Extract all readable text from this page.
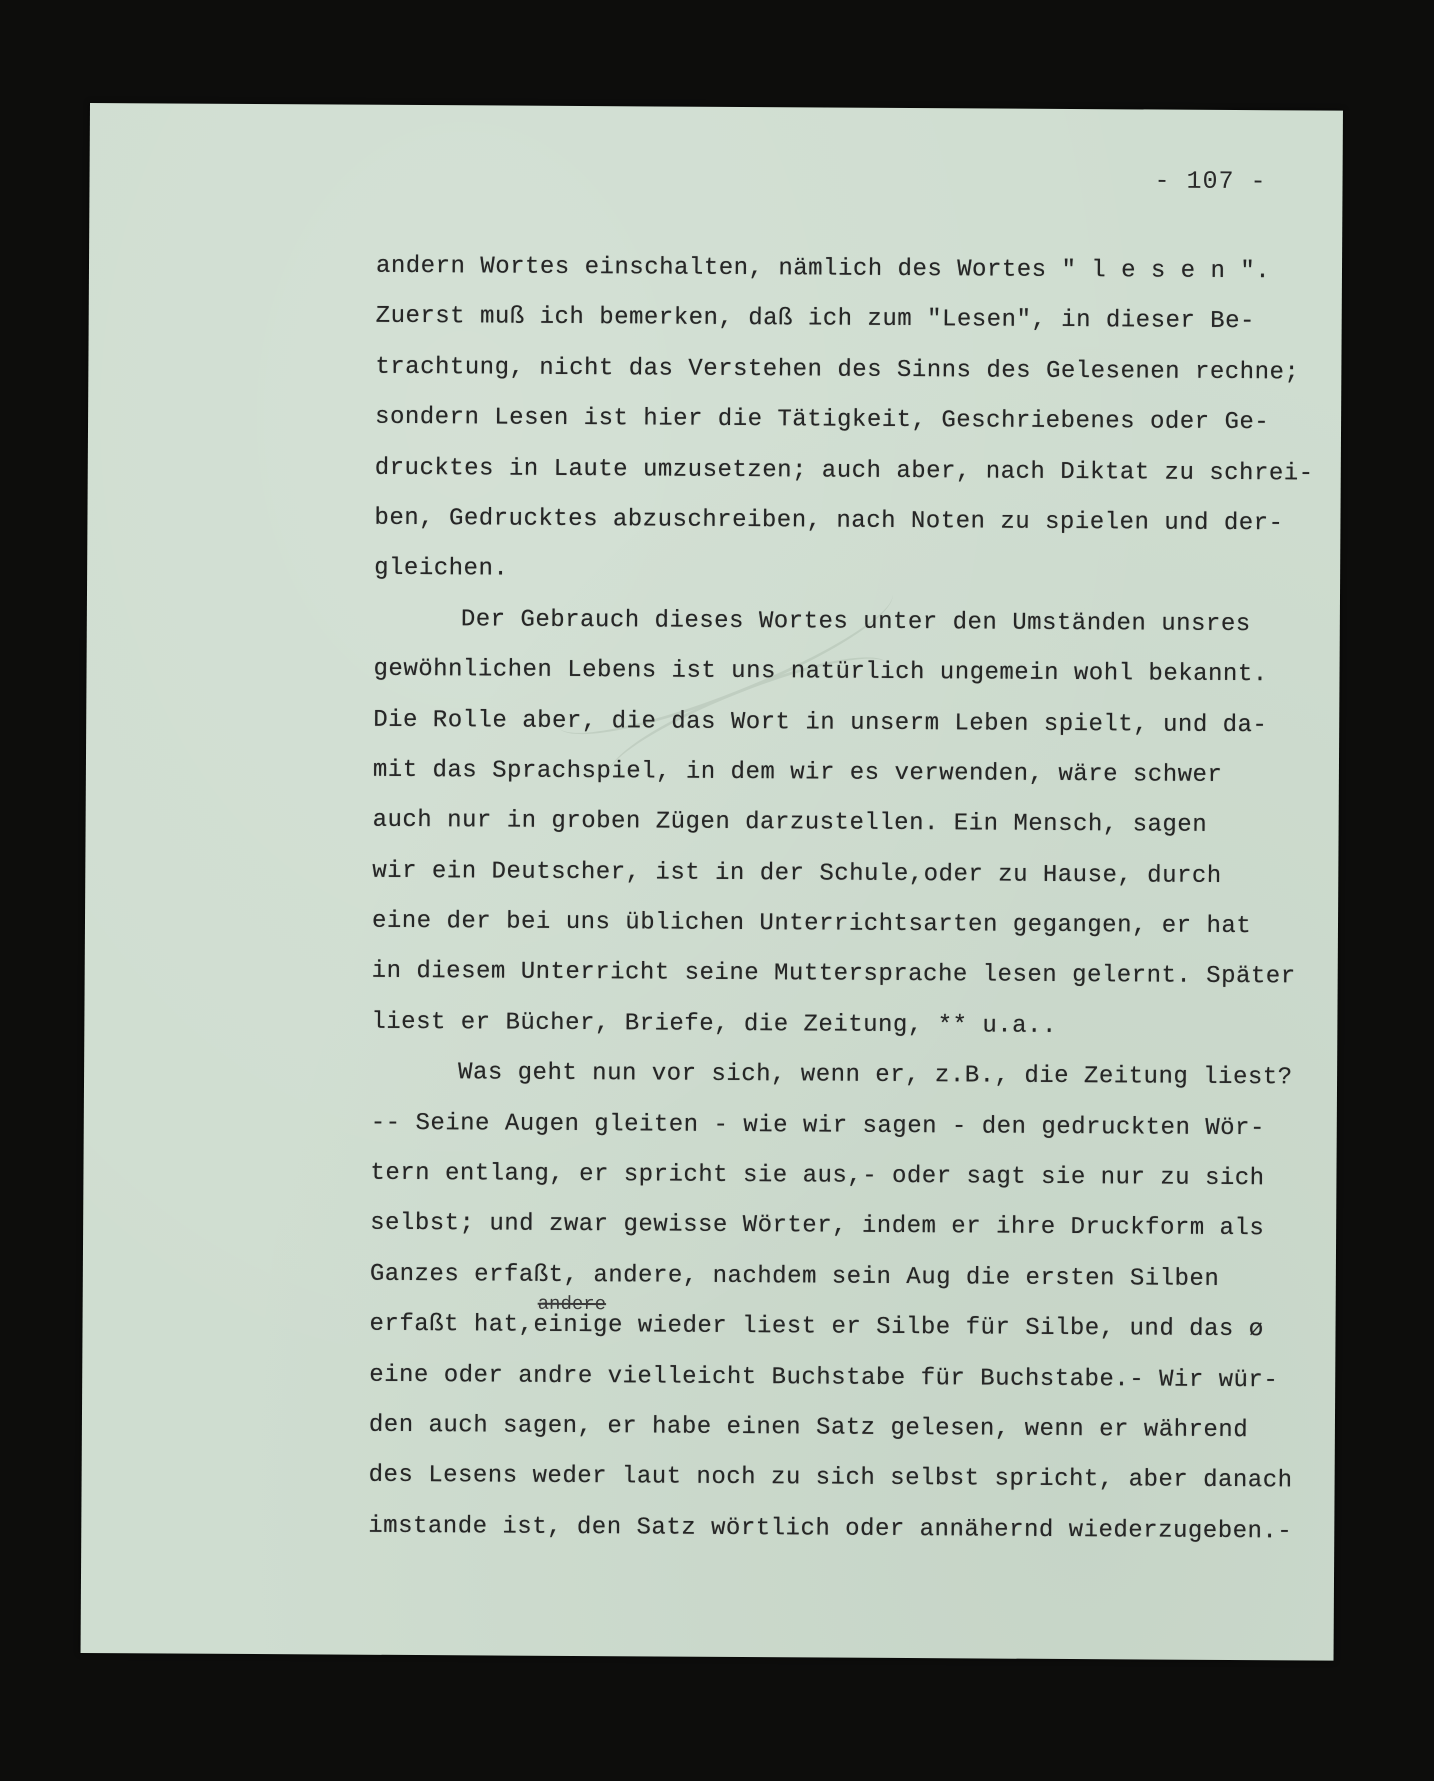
- 107 -
andere
andern Wortes einschalten, nämlich des Wortes " l e s e n ".
Zuerst muß ich bemerken, daß ich zum "Lesen", in dieser Be-
trachtung, nicht das Verstehen des Sinns des Gelesenen rechne;
sondern Lesen ist hier die Tätigkeit, Geschriebenes oder Ge-
drucktes in Laute umzusetzen; auch aber, nach Diktat zu schrei-
ben, Gedrucktes abzuschreiben, nach Noten zu spielen und der-
gleichen.
Der Gebrauch dieses Wortes unter den Umständen unsres
gewöhnlichen Lebens ist uns natürlich ungemein wohl bekannt.
Die Rolle aber, die das Wort in unserm Leben spielt, und da-
mit das Sprachspiel, in dem wir es verwenden, wäre schwer
auch nur in groben Zügen darzustellen. Ein Mensch, sagen
wir ein Deutscher, ist in der Schule,oder zu Hause, durch
eine der bei uns üblichen Unterrichtsarten gegangen, er hat
in diesem Unterricht seine Muttersprache lesen gelernt. Später
liest er Bücher, Briefe, die Zeitung, ** u.a..
Was geht nun vor sich, wenn er, z.B., die Zeitung liest?
-- Seine Augen gleiten - wie wir sagen - den gedruckten Wör-
tern entlang, er spricht sie aus,- oder sagt sie nur zu sich
selbst; und zwar gewisse Wörter, indem er ihre Druckform als
Ganzes erfaßt, andere, nachdem sein Aug die ersten Silben
erfaßt hat,einige wieder liest er Silbe für Silbe, und das ø
eine oder andre vielleicht Buchstabe für Buchstabe.- Wir wür-
den auch sagen, er habe einen Satz gelesen, wenn er während
des Lesens weder laut noch zu sich selbst spricht, aber danach
imstande ist, den Satz wörtlich oder annähernd wiederzugeben.-
